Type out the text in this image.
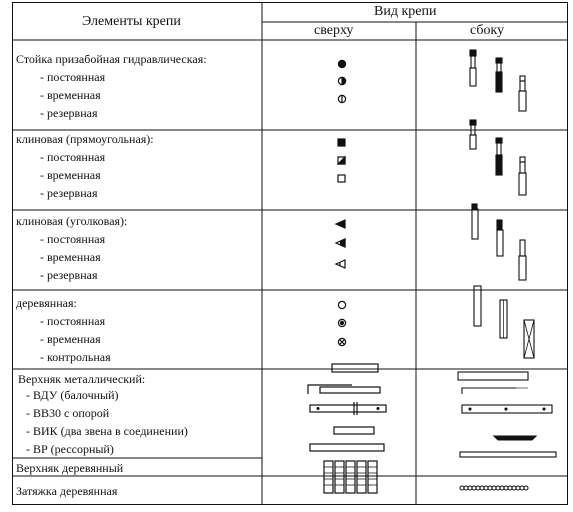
Элементы крепи
Вид крепи
сверху	сбоку
Стойка призабойная гидравлическая:
- постоянная
- временная
- резервная
клиновая (прямоугольная):
- постоянная
- временная
- резервная
клиновая (уголковая):
- постоянная
- временная
- резервная
деревянная:
- постоянная
- временная
- контрольная
Верхняк металлический:
- ВДУ (балочный)
- ВВ30 с опорой
- ВИК (два звена в соединении)
- ВР (рессорный)
Верхняк деревянный
Затяжка деревянная
